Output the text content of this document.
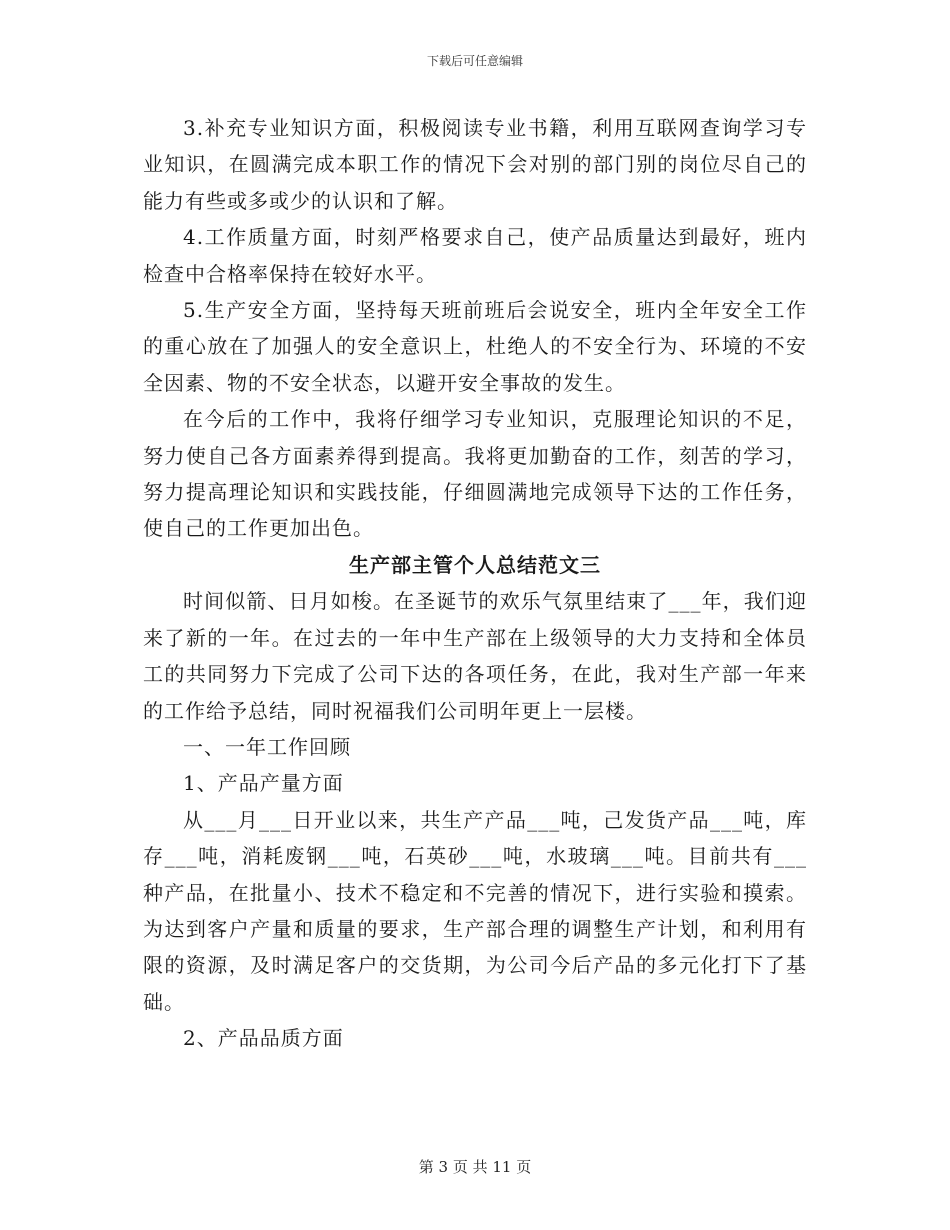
下载后可任意编辑

3.补充专业知识方面，积极阅读专业书籍，利用互联网查询学习专业知识，在圆满完成本职工作的情况下会对别的部门别的岗位尽自己的能力有些或多或少的认识和了解。

4.工作质量方面，时刻严格要求自己，使产品质量达到最好，班内检查中合格率保持在较好水平。

5.生产安全方面，坚持每天班前班后会说安全，班内全年安全工作的重心放在了加强人的安全意识上，杜绝人的不安全行为、环境的不安全因素、物的不安全状态，以避开安全事故的发生。

在今后的工作中，我将仔细学习专业知识，克服理论知识的不足，努力使自己各方面素养得到提高。我将更加勤奋的工作，刻苦的学习，努力提高理论知识和实践技能，仔细圆满地完成领导下达的工作任务，使自己的工作更加出色。

生产部主管个人总结范文三

时间似箭、日月如梭。在圣诞节的欢乐气氛里结束了___年，我们迎来了新的一年。在过去的一年中生产部在上级领导的大力支持和全体员工的共同努力下完成了公司下达的各项任务，在此，我对生产部一年来的工作给予总结，同时祝福我们公司明年更上一层楼。

一、一年工作回顾

1、产品产量方面

从___月___日开业以来，共生产产品___吨，己发货产品___吨，库存___吨，消耗废钢___吨，石英砂___吨，水玻璃___吨。目前共有___种产品，在批量小、技术不稳定和不完善的情况下，进行实验和摸索。为达到客户产量和质量的要求，生产部合理的调整生产计划，和利用有限的资源，及时满足客户的交货期，为公司今后产品的多元化打下了基础。

2、产品品质方面

第 3 页 共 11 页
